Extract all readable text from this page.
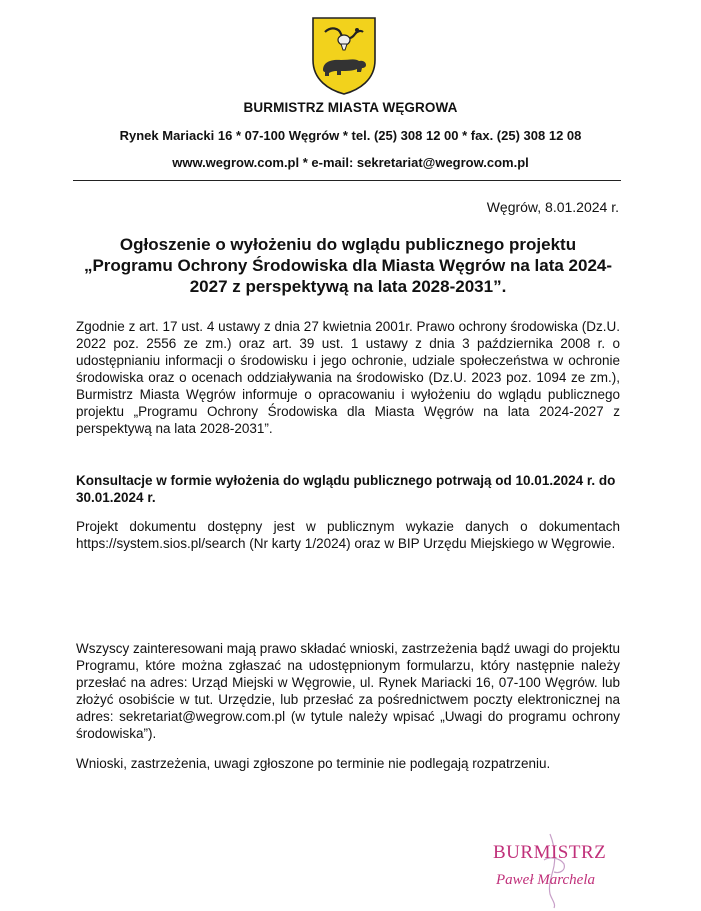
BURMISTRZ MIASTA WĘGROWA
Rynek Mariacki 16 * 07-100 Węgrów * tel. (25) 308 12 00 * fax. (25) 308 12 08
www.wegrow.com.pl * e-mail: sekretariat@wegrow.com.pl
Węgrów, 8.01.2024 r.
Ogłoszenie o wyłożeniu do wglądu publicznego projektu „Programu Ochrony Środowiska dla Miasta Węgrów na lata 2024-2027 z perspektywą na lata 2028-2031”.

Zgodnie z art. 17 ust. 4 ustawy z dnia 27 kwietnia 2001r. Prawo ochrony środowiska (Dz.U. 2022 poz. 2556 ze zm.) oraz art. 39 ust. 1 ustawy z dnia 3 października 2008 r. o udostępnianiu informacji o środowisku i jego ochronie, udziale społeczeństwa w ochronie środowiska oraz o ocenach oddziaływania na środowisko (Dz.U. 2023 poz. 1094 ze zm.), Burmistrz Miasta Węgrów informuje o opracowaniu i wyłożeniu do wglądu publicznego projektu „Programu Ochrony Środowiska dla Miasta Węgrów na lata 2024-2027 z perspektywą na lata 2028-2031”.

Konsultacje w formie wyłożenia do wglądu publicznego potrwają od 10.01.2024 r. do 30.01.2024 r.

Projekt dokumentu dostępny jest w publicznym wykazie danych o dokumentach https://system.sios.pl/search (Nr karty 1/2024) oraz w BIP Urzędu Miejskiego w Węgrowie.

Wszyscy zainteresowani mają prawo składać wnioski, zastrzeżenia bądź uwagi do projektu Programu, które można zgłaszać na udostępnionym formularzu, który następnie należy przesłać na adres: Urząd Miejski w Węgrowie, ul. Rynek Mariacki 16, 07-100 Węgrów. lub złożyć osobiście w tut. Urzędzie, lub przesłać za pośrednictwem poczty elektronicznej na adres: sekretariat@wegrow.com.pl (w tytule należy wpisać „Uwagi do programu ochrony środowiska”).

Wnioski, zastrzeżenia, uwagi zgłoszone po terminie nie podlegają rozpatrzeniu.

BURMISTRZ
Paweł Marchela
